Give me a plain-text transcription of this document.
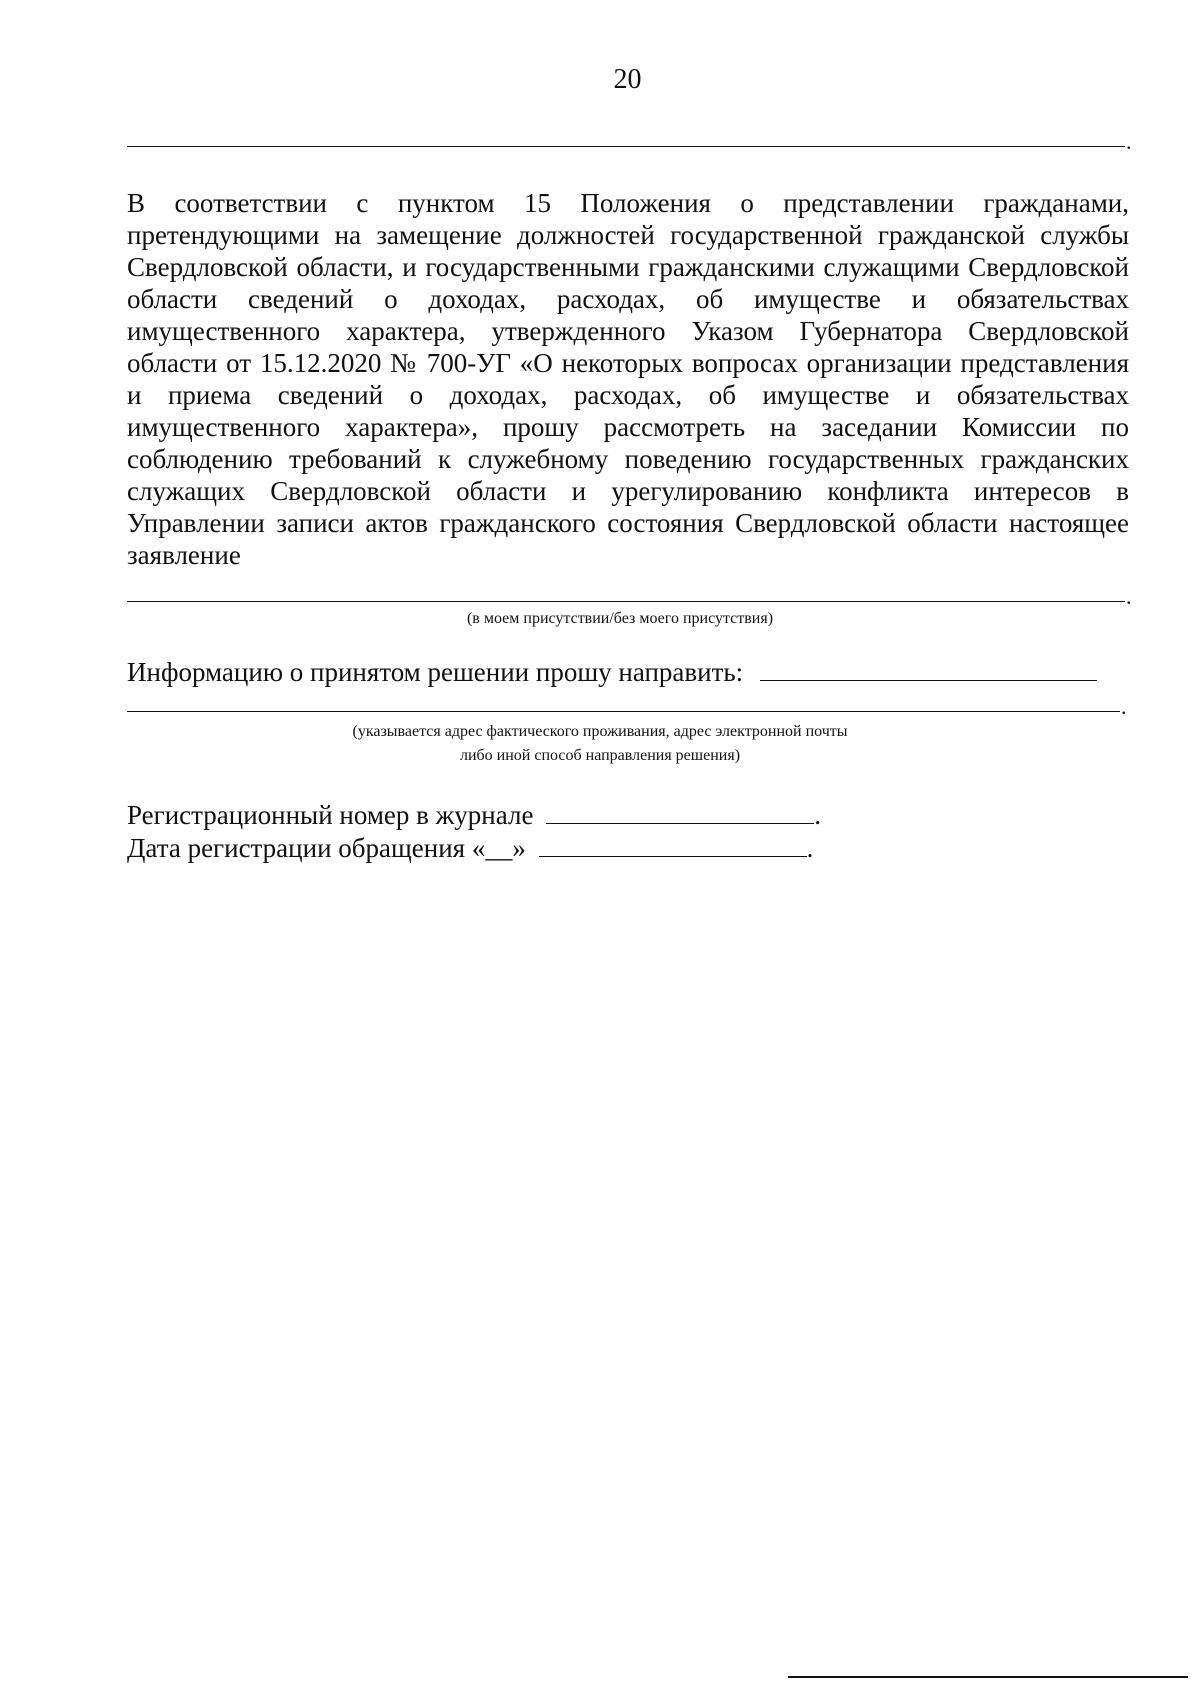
20
.

В соответствии с пунктом 15 Положения о представлении гражданами, претендующими на замещение должностей государственной гражданской службы Свердловской области, и государственными гражданскими служащими Свердловской области сведений о доходах, расходах, об имуществе и обязательствах имущественного характера, утвержденного Указом Губернатора Свердловской области от 15.12.2020 № 700-УГ «О некоторых вопросах организации представления и приема сведений о доходах, расходах, об имуществе и обязательствах имущественного характера», прошу рассмотреть на заседании Комиссии по соблюдению требований к служебному поведению государственных гражданских служащих Свердловской области и урегулированию конфликта интересов в Управлении записи актов гражданского состояния Свердловской области настоящее заявление

.
(в моем присутствии/без моего присутствия)
Информацию о принятом решении прошу направить:
.
(указывается адрес фактического проживания, адрес электронной почты
либо иной способ направления решения)
Регистрационный номер в журнале	.
Дата регистрации обращения «__»	.
